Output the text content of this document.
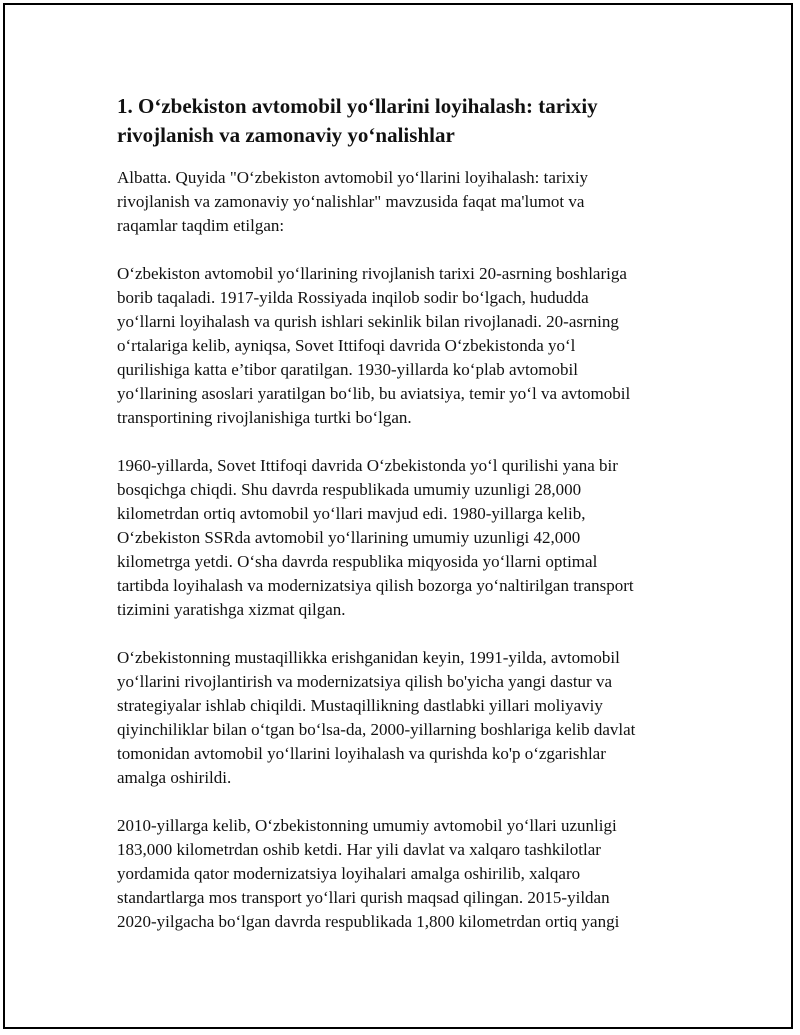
1. O‘zbekiston avtomobil yo‘llarini loyihalash: tarixiy
rivojlanish va zamonaviy yo‘nalishlar

Albatta. Quyida "O‘zbekiston avtomobil yo‘llarini loyihalash: tarixiy
rivojlanish va zamonaviy yo‘nalishlar" mavzusida faqat ma'lumot va
raqamlar taqdim etilgan:

O‘zbekiston avtomobil yo‘llarining rivojlanish tarixi 20-asrning boshlariga
borib taqaladi. 1917-yilda Rossiyada inqilob sodir bo‘lgach, hududda
yo‘llarni loyihalash va qurish ishlari sekinlik bilan rivojlanadi. 20-asrning
o‘rtalariga kelib, ayniqsa, Sovet Ittifoqi davrida O‘zbekistonda yo‘l
qurilishiga katta e’tibor qaratilgan. 1930-yillarda ko‘plab avtomobil
yo‘llarining asoslari yaratilgan bo‘lib, bu aviatsiya, temir yo‘l va avtomobil
transportining rivojlanishiga turtki bo‘lgan.

1960-yillarda, Sovet Ittifoqi davrida O‘zbekistonda yo‘l qurilishi yana bir
bosqichga chiqdi. Shu davrda respublikada umumiy uzunligi 28,000
kilometrdan ortiq avtomobil yo‘llari mavjud edi. 1980-yillarga kelib,
O‘zbekiston SSRda avtomobil yo‘llarining umumiy uzunligi 42,000
kilometrga yetdi. O‘sha davrda respublika miqyosida yo‘llarni optimal
tartibda loyihalash va modernizatsiya qilish bozorga yo‘naltirilgan transport
tizimini yaratishga xizmat qilgan.

O‘zbekistonning mustaqillikka erishganidan keyin, 1991-yilda, avtomobil
yo‘llarini rivojlantirish va modernizatsiya qilish bo'yicha yangi dastur va
strategiyalar ishlab chiqildi. Mustaqillikning dastlabki yillari moliyaviy
qiyinchiliklar bilan o‘tgan bo‘lsa-da, 2000-yillarning boshlariga kelib davlat
tomonidan avtomobil yo‘llarini loyihalash va qurishda ko'p o‘zgarishlar
amalga oshirildi.

2010-yillarga kelib, O‘zbekistonning umumiy avtomobil yo‘llari uzunligi
183,000 kilometrdan oshib ketdi. Har yili davlat va xalqaro tashkilotlar
yordamida qator modernizatsiya loyihalari amalga oshirilib, xalqaro
standartlarga mos transport yo‘llari qurish maqsad qilingan. 2015-yildan
2020-yilgacha bo‘lgan davrda respublikada 1,800 kilometrdan ortiq yangi
